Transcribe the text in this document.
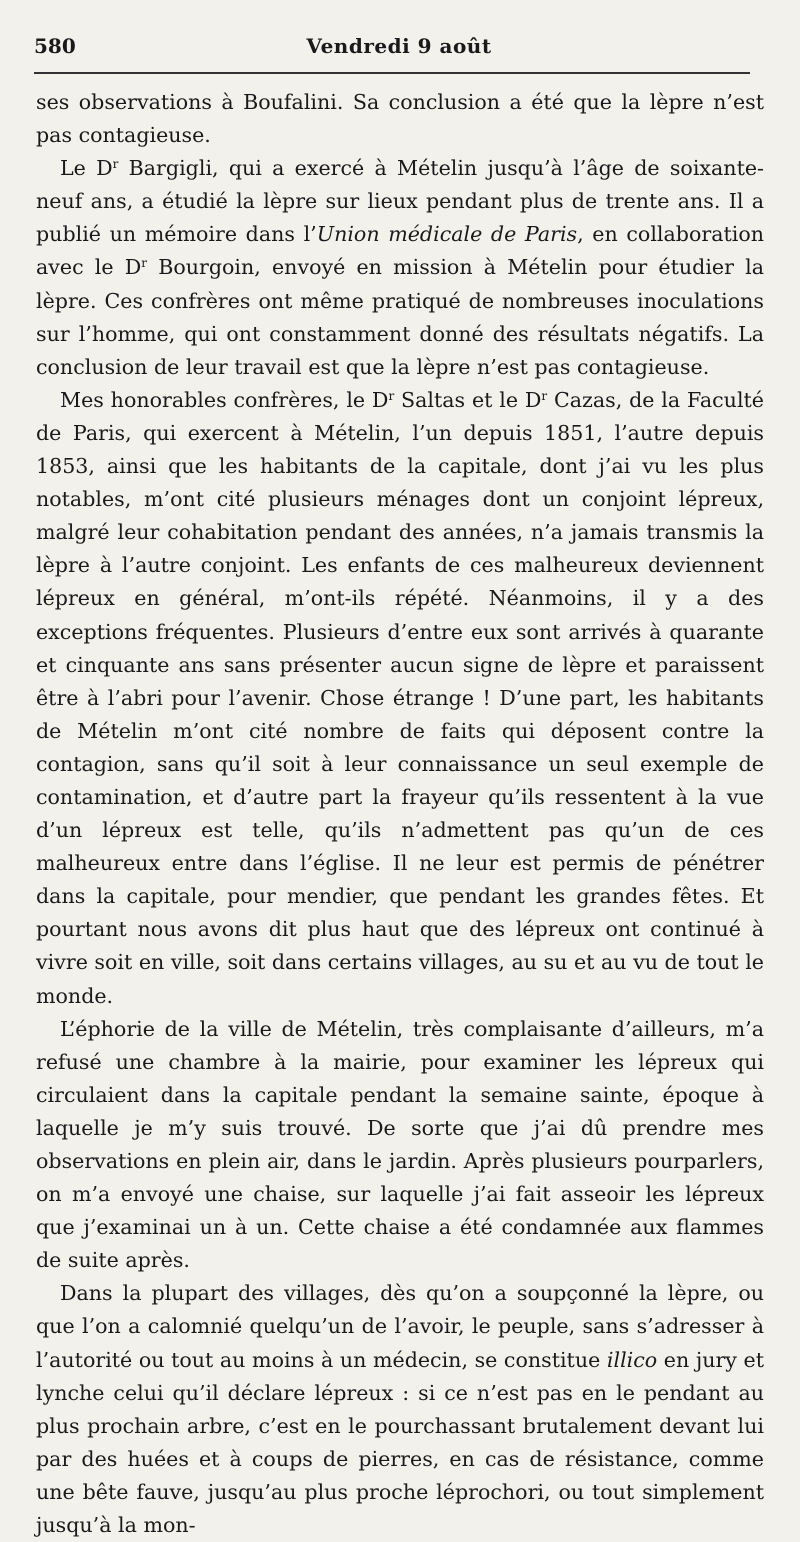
580	Vendredi 9 août

ses observations à Boufalini. Sa conclusion a été que la lèpre n’est pas contagieuse.

Le $D^r$ Bargigli, qui a exercé à Mételin jusqu’à l’âge de soixante-neuf ans, a étudié la lèpre sur lieux pendant plus de trente ans. Il a publié un mémoire dans l’Union médicale de Paris, en collaboration avec le $D^r$ Bourgoin, envoyé en mission à Mételin pour étudier la lèpre. Ces confrères ont même pratiqué de nombreuses inoculations sur l’homme, qui ont constamment donné des résultats négatifs. La conclusion de leur travail est que la lèpre n’est pas contagieuse.

Mes honorables confrères, le $D^r$ Saltas et le $D^r$ Cazas, de la Faculté de Paris, qui exercent à Mételin, l’un depuis 1851, l’autre depuis 1853, ainsi que les habitants de la capitale, dont j’ai vu les plus notables, m’ont cité plusieurs ménages dont un conjoint lépreux, malgré leur cohabitation pendant des années, n’a jamais transmis la lèpre à l’autre conjoint. Les enfants de ces malheureux deviennent lépreux en général, m’ont-ils répété. Néanmoins, il y a des exceptions fréquentes. Plusieurs d’entre eux sont arrivés à quarante et cinquante ans sans présenter aucun signe de lèpre et paraissent être à l’abri pour l’avenir. Chose étrange ! D’une part, les habitants de Mételin m’ont cité nombre de faits qui déposent contre la contagion, sans qu’il soit à leur connaissance un seul exemple de contamination, et d’autre part la frayeur qu’ils ressentent à la vue d’un lépreux est telle, qu’ils n’admettent pas qu’un de ces malheureux entre dans l’église. Il ne leur est permis de pénétrer dans la capitale, pour mendier, que pendant les grandes fêtes. Et pourtant nous avons dit plus haut que des lépreux ont continué à vivre soit en ville, soit dans certains villages, au su et au vu de tout le monde.

L’éphorie de la ville de Mételin, très complaisante d’ailleurs, m’a refusé une chambre à la mairie, pour examiner les lépreux qui circulaient dans la capitale pendant la semaine sainte, époque à laquelle je m’y suis trouvé. De sorte que j’ai dû prendre mes observations en plein air, dans le jardin. Après plusieurs pourparlers, on m’a envoyé une chaise, sur laquelle j’ai fait asseoir les lépreux que j’examinai un à un. Cette chaise a été condamnée aux flammes de suite après.

Dans la plupart des villages, dès qu’on a soupçonné la lèpre, ou que l’on a calomnié quelqu’un de l’avoir, le peuple, sans s’adresser à l’autorité ou tout au moins à un médecin, se constitue illico en jury et lynche celui qu’il déclare lépreux : si ce n’est pas en le pendant au plus prochain arbre, c’est en le pourchassant brutalement devant lui par des huées et à coups de pierres, en cas de résistance, comme une bête fauve, jusqu’au plus proche léprochori, ou tout simplement jusqu’à la mon-
